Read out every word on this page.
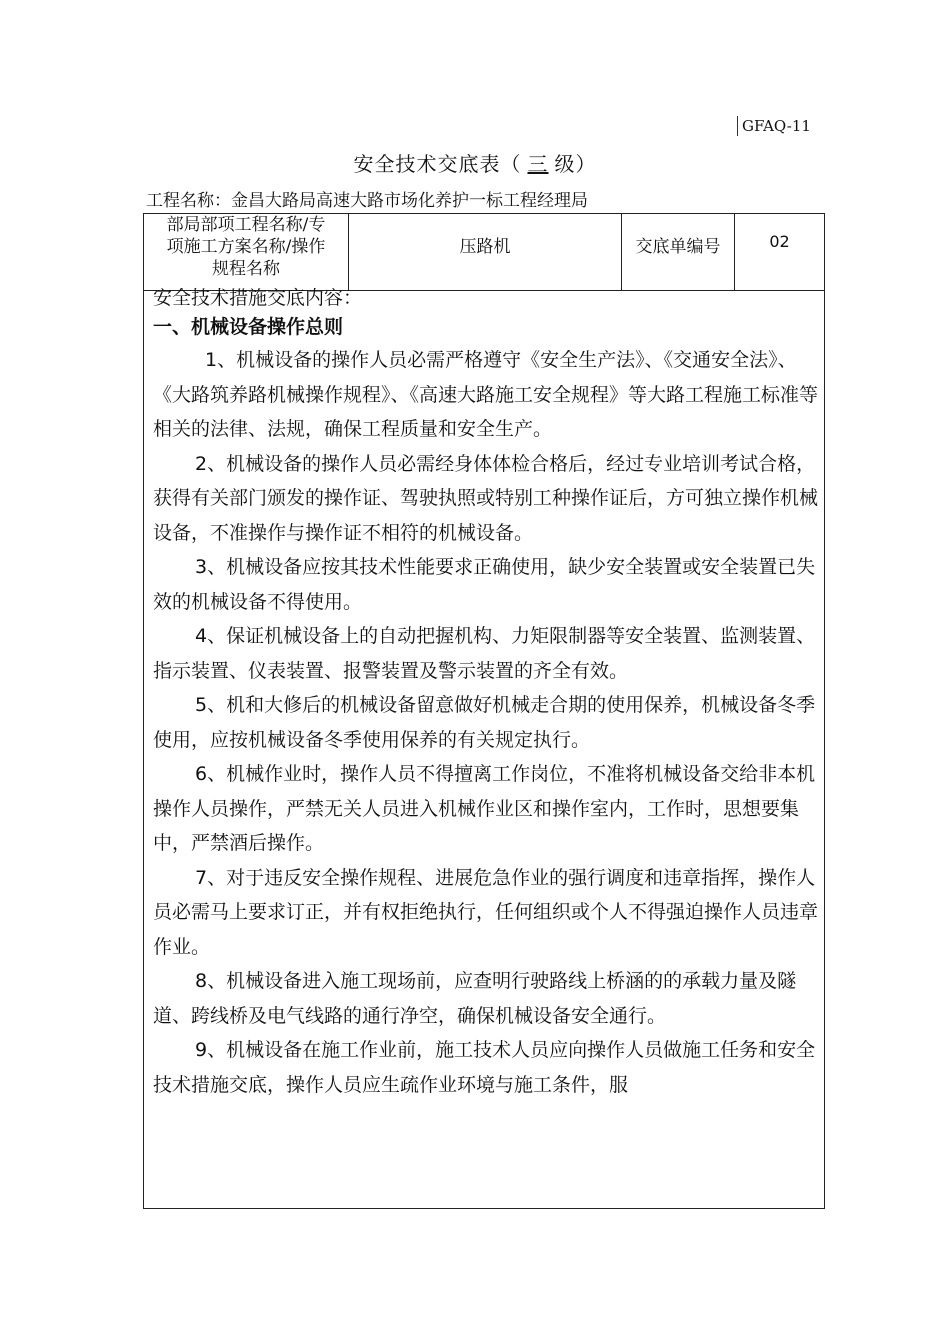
GFAQ-11
安全技术交底表（ 三 级）
工程名称：金昌大路局高速大路市场化养护一标工程经理局
部局部项工程名称/专
项施工方案名称/操作
规程名称
压路机	交底单编号	02
安全技术措施交底内容：
一、机械设备操作总则

1、机械设备的操作人员必需严格遵守《安全生产法》、《交通安全法》、《大路筑养路机械操作规程》、《高速大路施工安全规程》等大路工程施工标准等相关的法律、法规，确保工程质量和安全生产。

2、机械设备的操作人员必需经身体体检合格后，经过专业培训考试合格，获得有关部门颁发的操作证、驾驶执照或特别工种操作证后，方可独立操作机械设备，不准操作与操作证不相符的机械设备。

3、机械设备应按其技术性能要求正确使用，缺少安全装置或安全装置已失效的机械设备不得使用。

4、保证机械设备上的自动把握机构、力矩限制器等安全装置、监测装置、指示装置、仪表装置、报警装置及警示装置的齐全有效。

5、机和大修后的机械设备留意做好机械走合期的使用保养，机械设备冬季使用，应按机械设备冬季使用保养的有关规定执行。

6、机械作业时，操作人员不得擅离工作岗位，不准将机械设备交给非本机操作人员操作，严禁无关人员进入机械作业区和操作室内，工作时，思想要集中，严禁酒后操作。

7、对于违反安全操作规程、进展危急作业的强行调度和违章指挥，操作人员必需马上要求订正，并有权拒绝执行，任何组织或个人不得强迫操作人员违章作业。

8、机械设备进入施工现场前，应查明行驶路线上桥涵的的承载力量及隧道、跨线桥及电气线路的通行净空，确保机械设备安全通行。

9、机械设备在施工作业前，施工技术人员应向操作人员做施工任务和安全技术措施交底，操作人员应生疏作业环境与施工条件，服
